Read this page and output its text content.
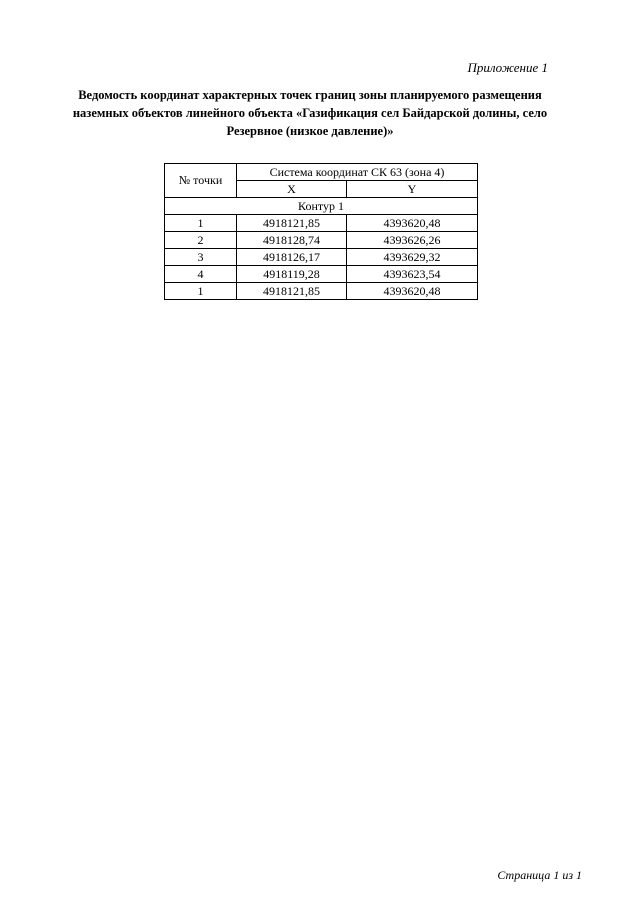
Приложение 1
Ведомость координат характерных точек границ зоны планируемого размещения наземных объектов линейного объекта «Газификация сел Байдарской долины, село Резервное (низкое давление)»
№ точки	Система координат СК 63 (зона 4)	
	X	Y
Контур 1		
1	4918121,85	4393620,48
2	4918128,74	4393626,26
3	4918126,17	4393629,32
4	4918119,28	4393623,54
1	4918121,85	4393620,48
Страница 1 из 1
